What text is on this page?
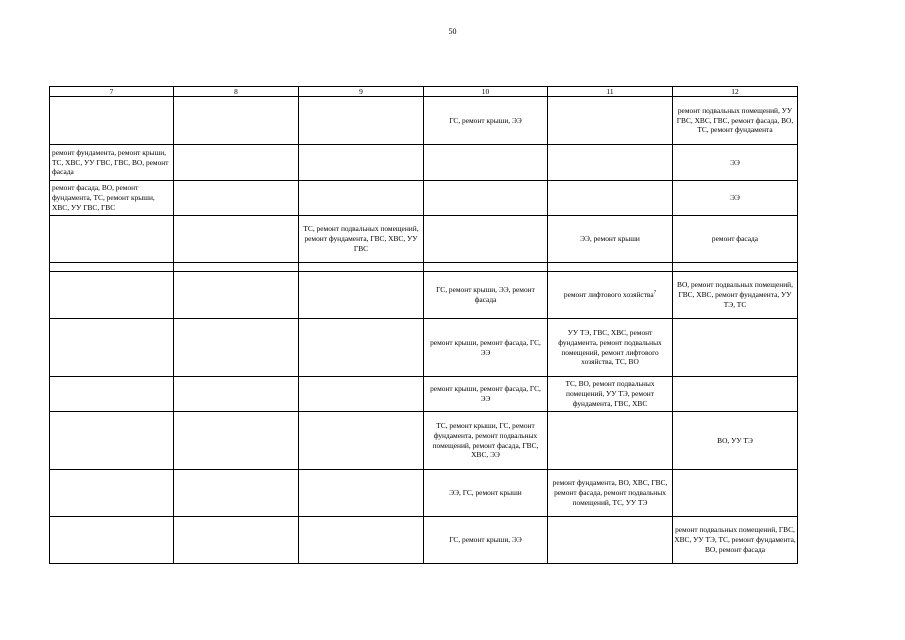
50
7	8	9	10	11	12
			ГС, ремонт крыши, ЭЭ		ремонт подвальных помещений, УУ ГВС, ХВС, ГВС, ремонт фасада, ВО, ТС, ремонт фундамента
ремонт фундамента, ремонт крыши, ТС, ХВС, УУ ГВС, ГВС, ВО, ремонт фасада					ЭЭ
ремонт фасада, ВО, ремонт фундамента, ТС, ремонт крыши, ХВС, УУ ГВС, ГВС					ЭЭ
		ТС, ремонт подвальных помещений, ремонт фундамента, ГВС, ХВС, УУ ГВС		ЭЭ, ремонт крыши	ремонт фасада

			ГС, ремонт крыши, ЭЭ, ремонт фасада	ремонт лифтового хозяйства$^7$	ВО, ремонт подвальных помещений, ГВС, ХВС, ремонт фундамента, УУ ТЭ, ТС
			ремонт крыши, ремонт фасада, ГС, ЭЭ	УУ ТЭ, ГВС, ХВС, ремонт фундамента, ремонт подвальных помещений, ремонт лифтового хозяйства, ТС, ВО	
			ремонт крыши, ремонт фасада, ГС, ЭЭ	ТС, ВО, ремонт подвальных помещений, УУ ТЭ, ремонт фундамента, ГВС, ХВС	
			ТС, ремонт крыши, ГС, ремонт фундамента, ремонт подвальных помещений, ремонт фасада, ГВС, ХВС, ЭЭ		ВО, УУ ТЭ
			ЭЭ, ГС, ремонт крыши	ремонт фундамента, ВО, ХВС, ГВС, ремонт фасада, ремонт подвальных помещений, ТС, УУ ТЭ	
			ГС, ремонт крыши, ЭЭ		ремонт подвальных помещений, ГВС, ХВС, УУ ТЭ, ТС, ремонт фундамента, ВО, ремонт фасада
